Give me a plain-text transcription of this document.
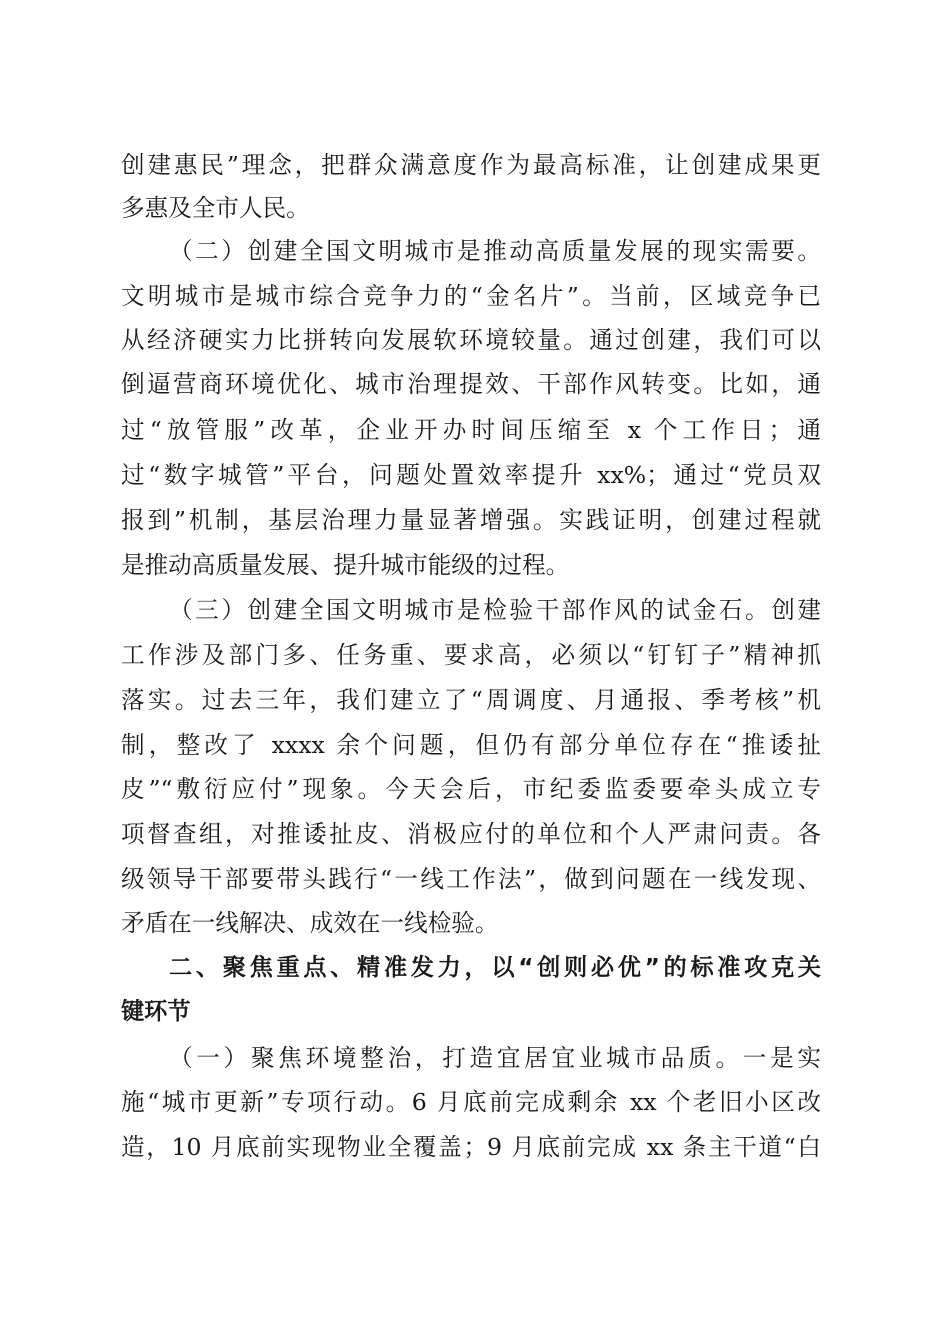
创建惠民”理念，把群众满意度作为最高标准，让创建成果更
多惠及全市人民。
（二）创建全国文明城市是推动高质量发展的现实需要。
文明城市是城市综合竞争力的“金名片”。当前，区域竞争已
从经济硬实力比拼转向发展软环境较量。通过创建，我们可以
倒逼营商环境优化、城市治理提效、干部作风转变。比如，通
过“放管服”改革，企业开办时间压缩至 x 个工作日；通
过“数字城管”平台，问题处置效率提升 xx%；通过“党员双
报到”机制，基层治理力量显著增强。实践证明，创建过程就
是推动高质量发展、提升城市能级的过程。
（三）创建全国文明城市是检验干部作风的试金石。创建
工作涉及部门多、任务重、要求高，必须以“钉钉子”精神抓
落实。过去三年，我们建立了“周调度、月通报、季考核”机
制，整改了 xxxx 余个问题，但仍有部分单位存在“推诿扯
皮”“敷衍应付”现象。今天会后，市纪委监委要牵头成立专
项督查组，对推诿扯皮、消极应付的单位和个人严肃问责。各
级领导干部要带头践行“一线工作法”，做到问题在一线发现、
矛盾在一线解决、成效在一线检验。
二、聚焦重点、精准发力，以“创则必优”的标准攻克关
键环节
（一）聚焦环境整治，打造宜居宜业城市品质。一是实
施“城市更新”专项行动。6 月底前完成剩余 xx 个老旧小区改
造，10 月底前实现物业全覆盖；9 月底前完成 xx 条主干道“白
